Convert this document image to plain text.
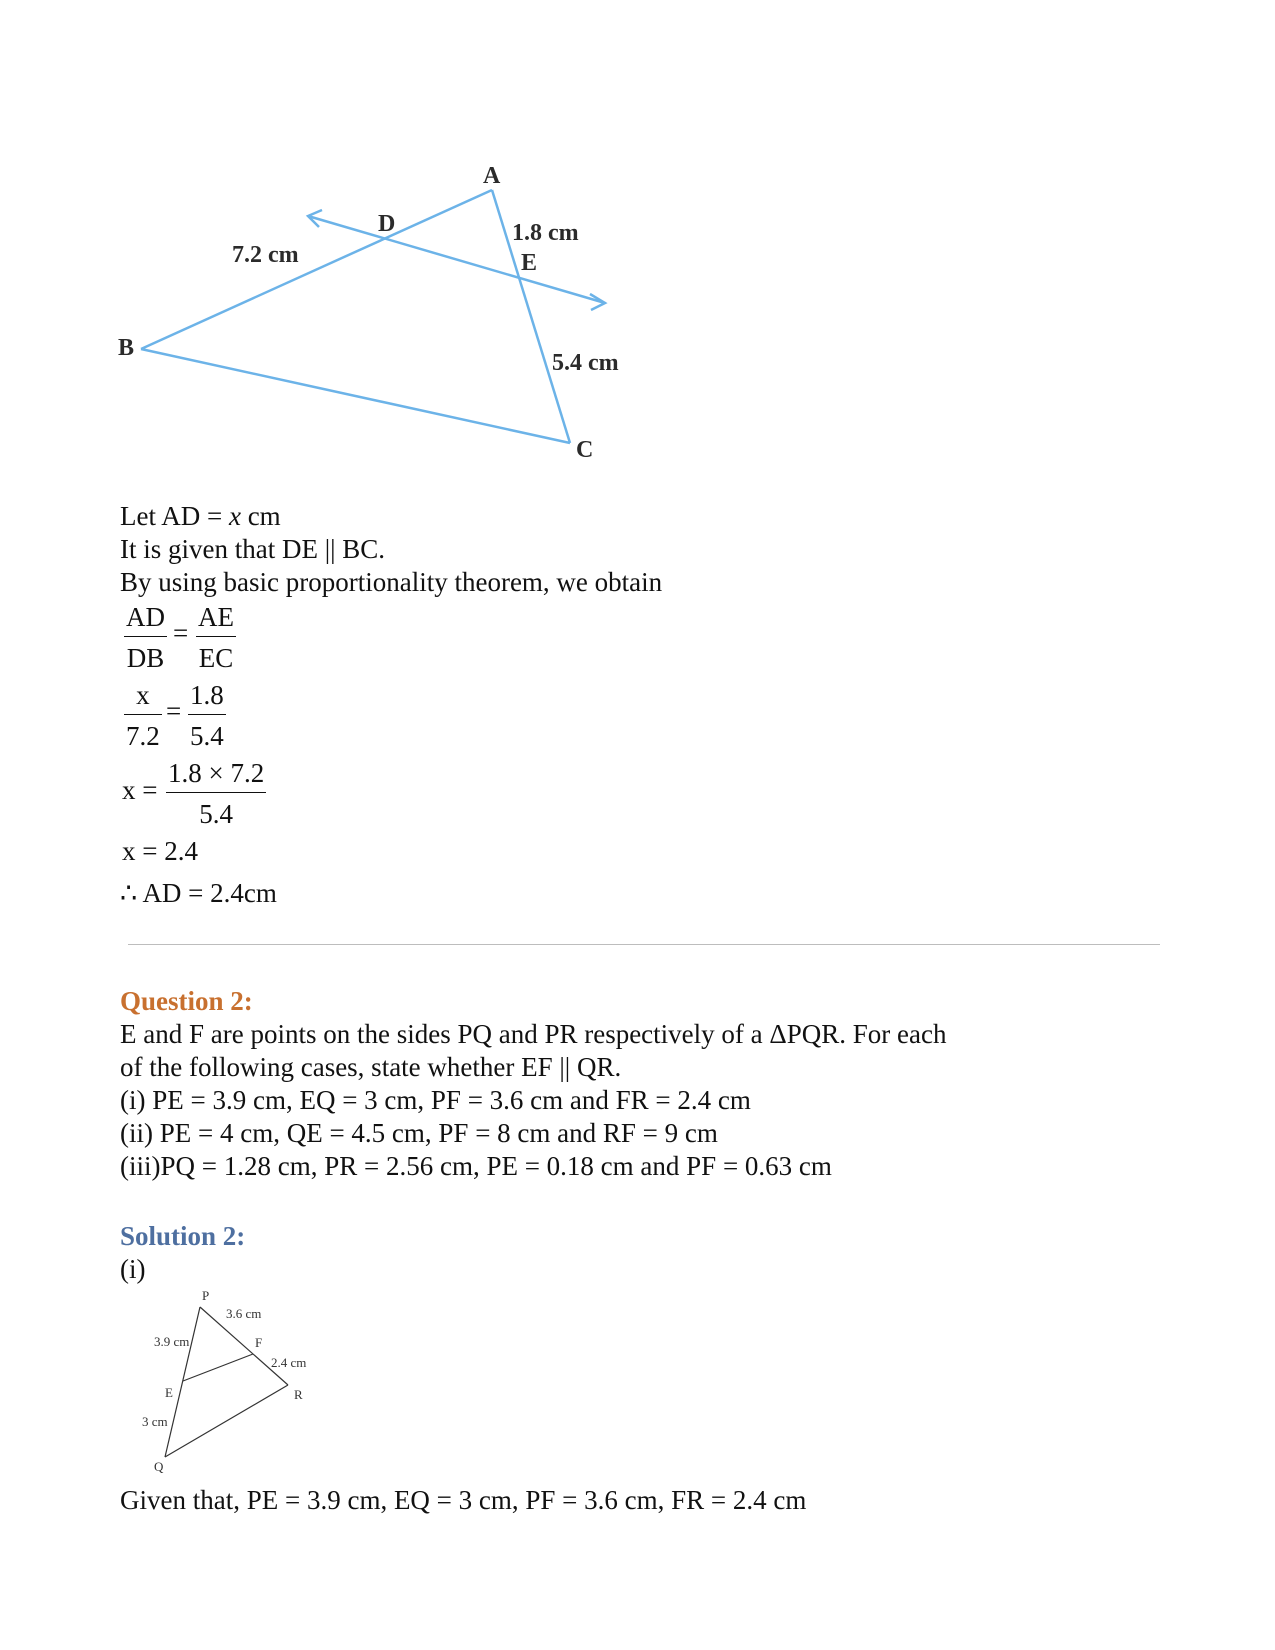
A
B
C
D
E
7.2 cm
1.8 cm
5.4 cm
Let AD = x cm
It is given that DE || BC.
By using basic proportionality theorem, we obtain
$\frac{AD}{DB} = \frac{AE}{EC}$
$\frac{x}{7.2} = \frac{1.8}{5.4}$
$x = \frac{1.8 \times 7.2}{5.4}$
x = 2.4
∴ AD = 2.4cm
Question 2:
E and F are points on the sides PQ and PR respectively of a ΔPQR. For each
of the following cases, state whether EF || QR.
(i) PE = 3.9 cm, EQ = 3 cm, PF = 3.6 cm and FR = 2.4 cm
(ii) PE = 4 cm, QE = 4.5 cm, PF = 8 cm and RF = 9 cm
(iii)PQ = 1.28 cm, PR = 2.56 cm, PE = 0.18 cm and PF = 0.63 cm
Solution 2:
(i)
P
3.6 cm
3.9 cm	F
2.4 cm
E	R
3 cm
Q
Given that, PE = 3.9 cm, EQ = 3 cm, PF = 3.6 cm, FR = 2.4 cm
